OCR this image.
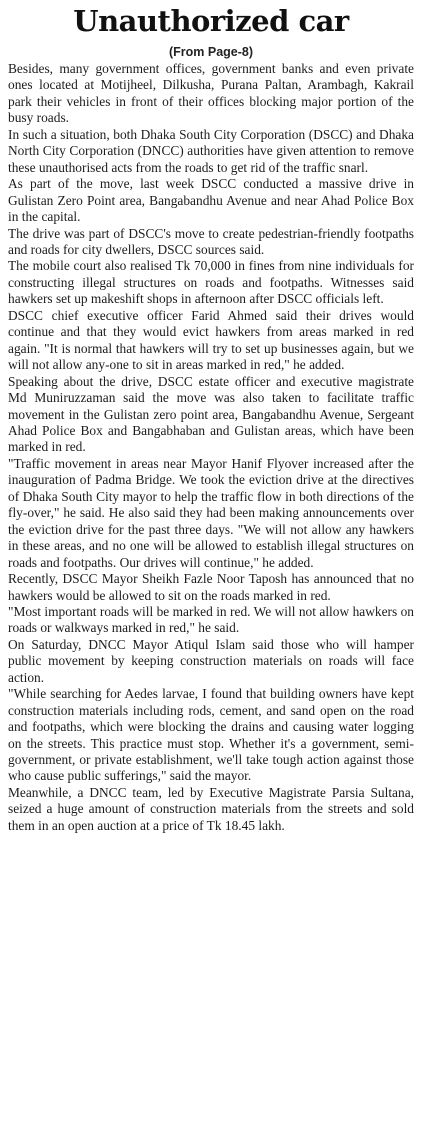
Unauthorized car
(From Page-8)

Besides, many government offices, government banks and even private ones located at Motijheel, Dilkusha, Purana Paltan, Arambagh, Kakrail park their vehicles in front of their offices blocking major portion of the busy roads.

In such a situation, both Dhaka South City Corporation (DSCC) and Dhaka North City Corporation (DNCC) authorities have given attention to remove these unauthorised acts from the roads to get rid of the traffic snarl.

As part of the move, last week DSCC conducted a massive drive in Gulistan Zero Point area, Bangabandhu Avenue and near Ahad Police Box in the capital.

The drive was part of DSCC's move to create pedestrian-friendly footpaths and roads for city dwellers, DSCC sources said.

The mobile court also realised Tk 70,000 in fines from nine individuals for constructing illegal structures on roads and footpaths. Witnesses said hawkers set up makeshift shops in afternoon after DSCC officials left.

DSCC chief executive officer Farid Ahmed said their drives would continue and that they would evict hawkers from areas marked in red again. "It is normal that hawkers will try to set up businesses again, but we will not allow any-one to sit in areas marked in red," he added.

Speaking about the drive, DSCC estate officer and executive magistrate Md Muniruzzaman said the move was also taken to facilitate traffic movement in the Gulistan zero point area, Bangabandhu Avenue, Sergeant Ahad Police Box and Bangabhaban and Gulistan areas, which have been marked in red.

"Traffic movement in areas near Mayor Hanif Flyover increased after the inauguration of Padma Bridge. We took the eviction drive at the directives of Dhaka South City mayor to help the traffic flow in both directions of the fly-over," he said. He also said they had been making announcements over the eviction drive for the past three days. "We will not allow any hawkers in these areas, and no one will be allowed to establish illegal structures on roads and footpaths. Our drives will continue," he added.

Recently, DSCC Mayor Sheikh Fazle Noor Taposh has announced that no hawkers would be allowed to sit on the roads marked in red.

"Most important roads will be marked in red. We will not allow hawkers on roads or walkways marked in red," he said.

On Saturday, DNCC Mayor Atiqul Islam said those who will hamper public movement by keeping construction materials on roads will face action.

"While searching for Aedes larvae, I found that building owners have kept construction materials including rods, cement, and sand open on the road and footpaths, which were blocking the drains and causing water logging on the streets. This practice must stop. Whether it's a government, semi-government, or private establishment, we'll take tough action against those who cause public sufferings," said the mayor.

Meanwhile, a DNCC team, led by Executive Magistrate Parsia Sultana, seized a huge amount of construction materials from the streets and sold them in an open auction at a price of Tk 18.45 lakh.
